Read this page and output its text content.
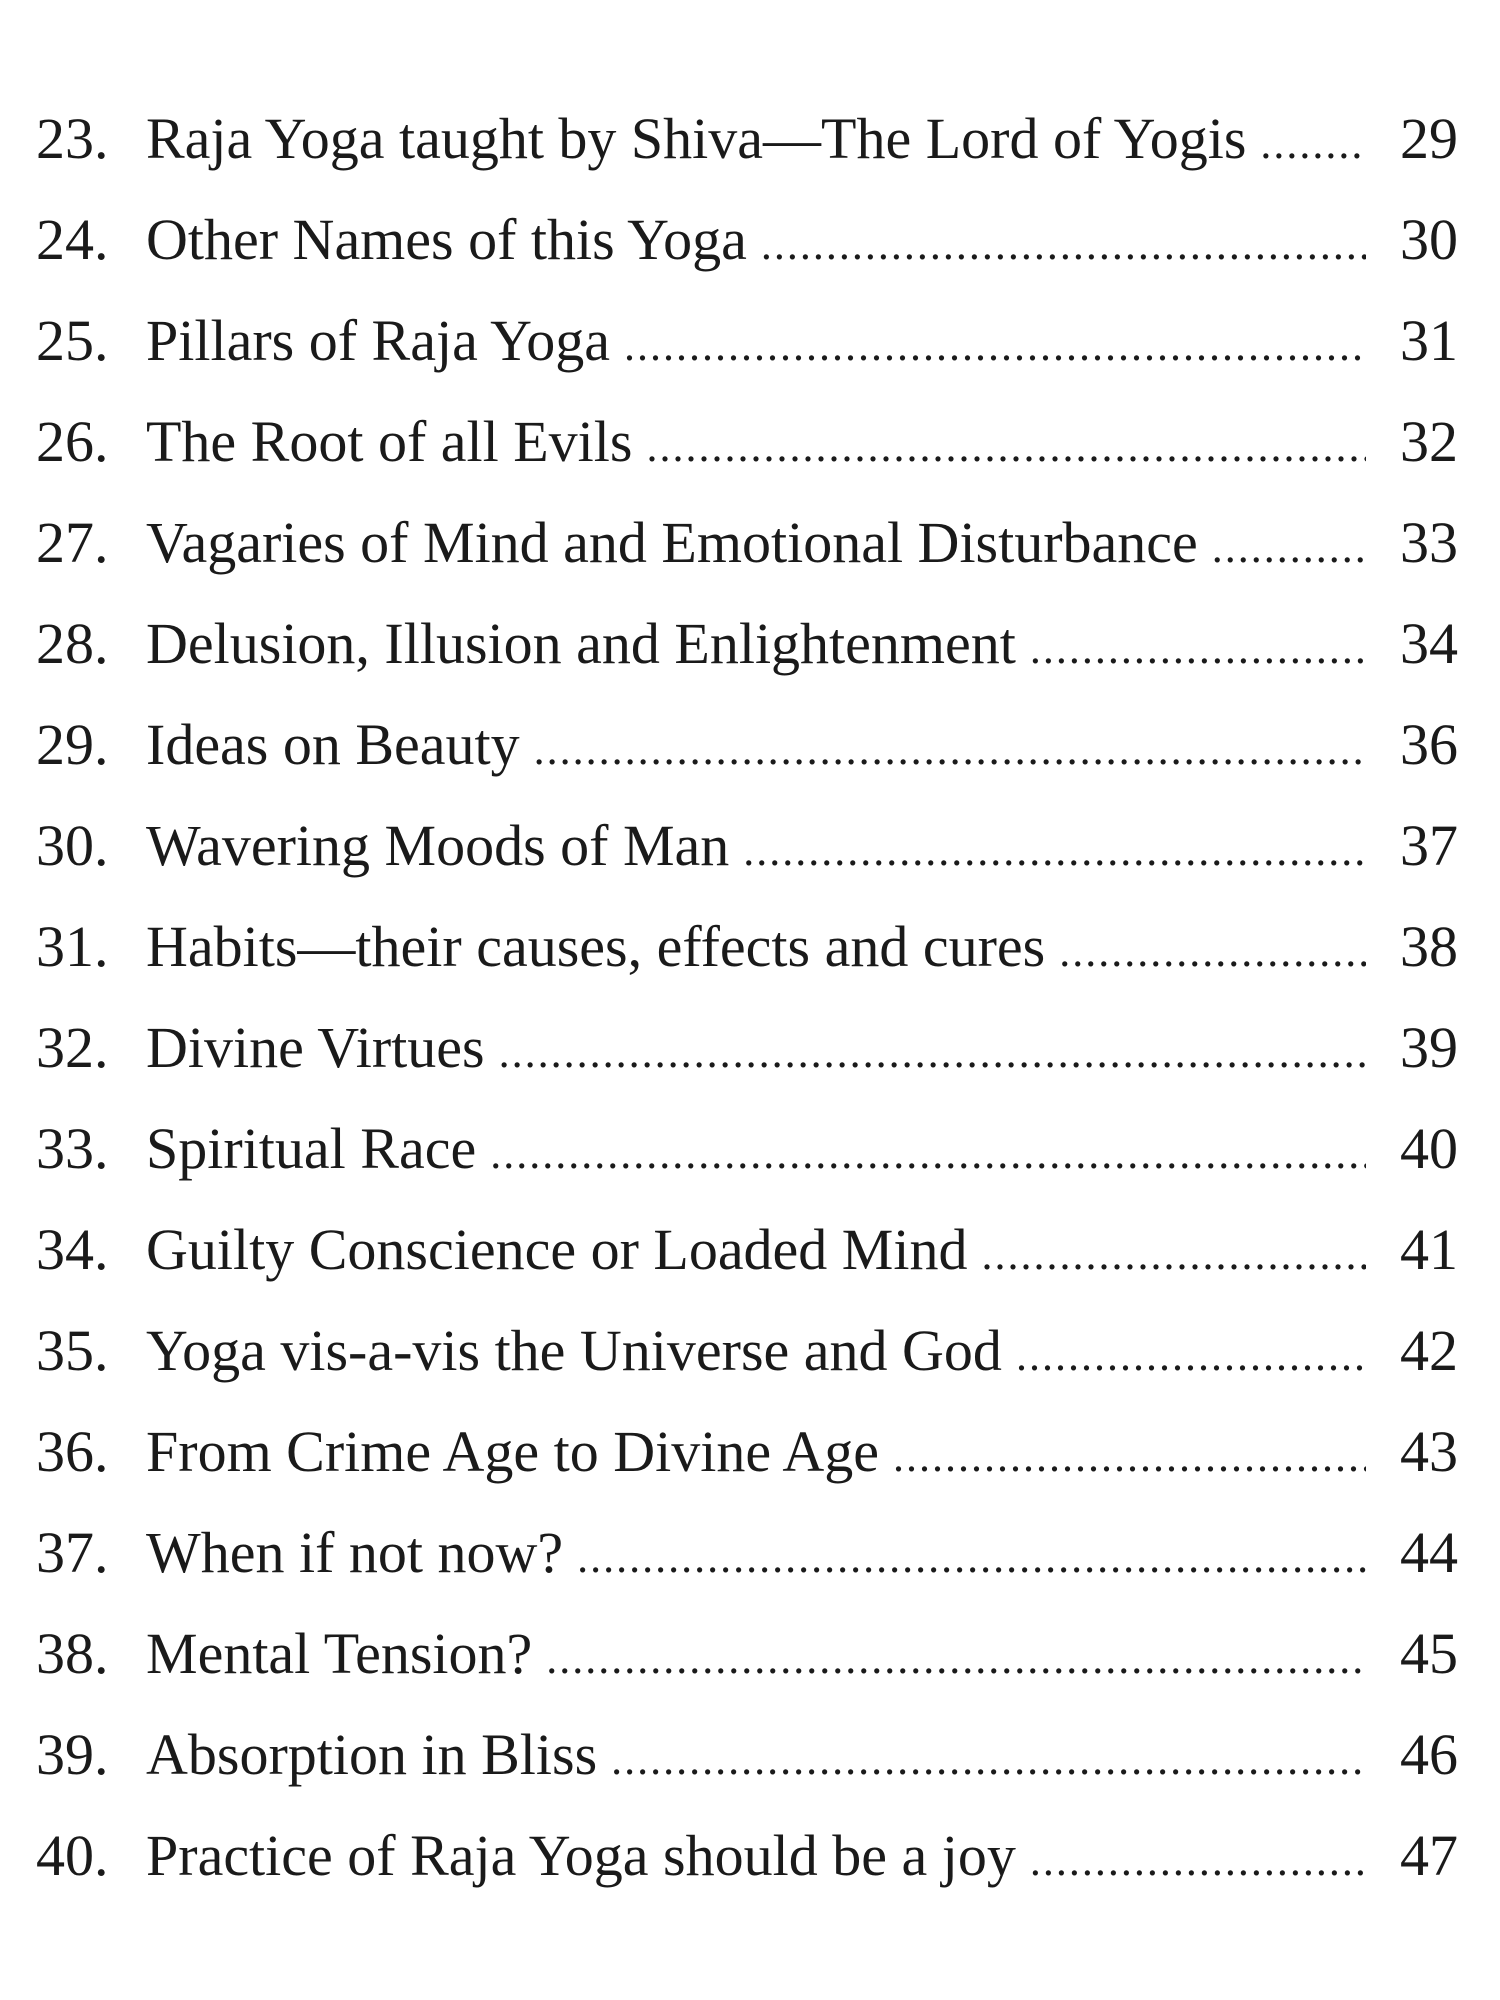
23. Raja Yoga taught by Shiva—The Lord of Yogis .....	29
24. Other Names of this Yoga .....	30
25. Pillars of Raja Yoga .....	31
26. The Root of all Evils .....	32
27. Vagaries of Mind and Emotional Disturbance .....	33
28. Delusion, Illusion and Enlightenment .....	34
29. Ideas on Beauty .....	36
30. Wavering Moods of Man .....	37
31. Habits—their causes, effects and cures .....	38
32. Divine Virtues .....	39
33. Spiritual Race .....	40
34. Guilty Conscience or Loaded Mind .....	41
35. Yoga vis-a-vis the Universe and God .....	42
36. From Crime Age to Divine Age .....	43
37. When if not now? .....	44
38. Mental Tension? .....	45
39. Absorption in Bliss .....	46
40. Practice of Raja Yoga should be a joy .....	47
